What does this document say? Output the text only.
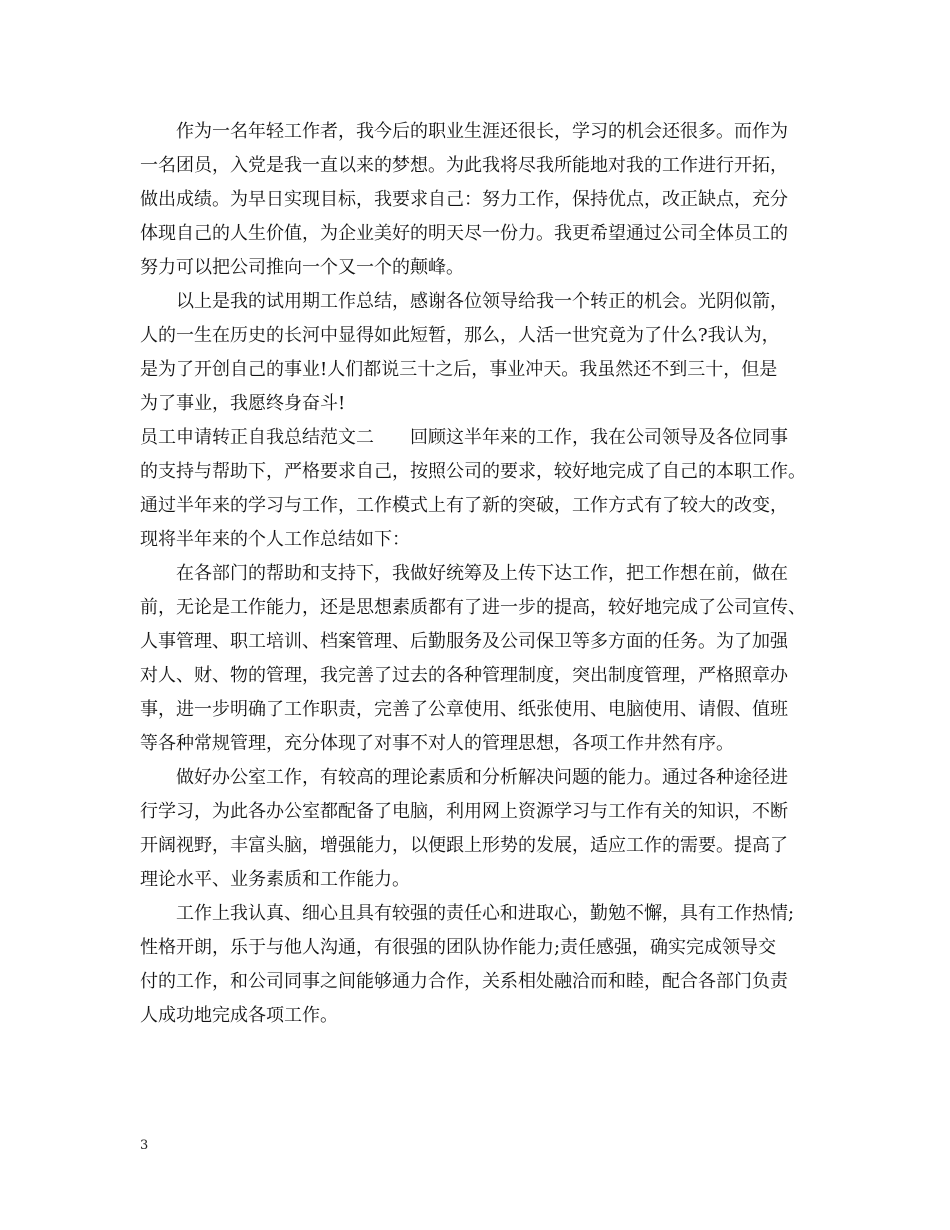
作为一名年轻工作者，我今后的职业生涯还很长，学习的机会还很多。而作为
一名团员，入党是我一直以来的梦想。为此我将尽我所能地对我的工作进行开拓，
做出成绩。为早日实现目标，我要求自己：努力工作，保持优点，改正缺点，充分
体现自己的人生价值，为企业美好的明天尽一份力。我更希望通过公司全体员工的
努力可以把公司推向一个又一个的颠峰。
以上是我的试用期工作总结，感谢各位领导给我一个转正的机会。光阴似箭，
人的一生在历史的长河中显得如此短暂，那么，人活一世究竟为了什么?我认为，
是为了开创自己的事业!人们都说三十之后，事业冲天。我虽然还不到三十，但是
为了事业，我愿终身奋斗!
员工申请转正自我总结范文二 回顾这半年来的工作，我在公司领导及各位同事
的支持与帮助下，严格要求自己，按照公司的要求，较好地完成了自己的本职工作。
通过半年来的学习与工作，工作模式上有了新的突破，工作方式有了较大的改变，
现将半年来的个人工作总结如下：
在各部门的帮助和支持下，我做好统筹及上传下达工作，把工作想在前，做在
前，无论是工作能力，还是思想素质都有了进一步的提高，较好地完成了公司宣传、
人事管理、职工培训、档案管理、后勤服务及公司保卫等多方面的任务。为了加强
对人、财、物的管理，我完善了过去的各种管理制度，突出制度管理，严格照章办
事，进一步明确了工作职责，完善了公章使用、纸张使用、电脑使用、请假、值班
等各种常规管理，充分体现了对事不对人的管理思想，各项工作井然有序。
做好办公室工作，有较高的理论素质和分析解决问题的能力。通过各种途径进
行学习，为此各办公室都配备了电脑，利用网上资源学习与工作有关的知识，不断
开阔视野，丰富头脑，增强能力，以便跟上形势的发展，适应工作的需要。提高了
理论水平、业务素质和工作能力。
工作上我认真、细心且具有较强的责任心和进取心，勤勉不懈，具有工作热情;
性格开朗，乐于与他人沟通，有很强的团队协作能力;责任感强，确实完成领导交
付的工作，和公司同事之间能够通力合作，关系相处融洽而和睦，配合各部门负责
人成功地完成各项工作。
3
